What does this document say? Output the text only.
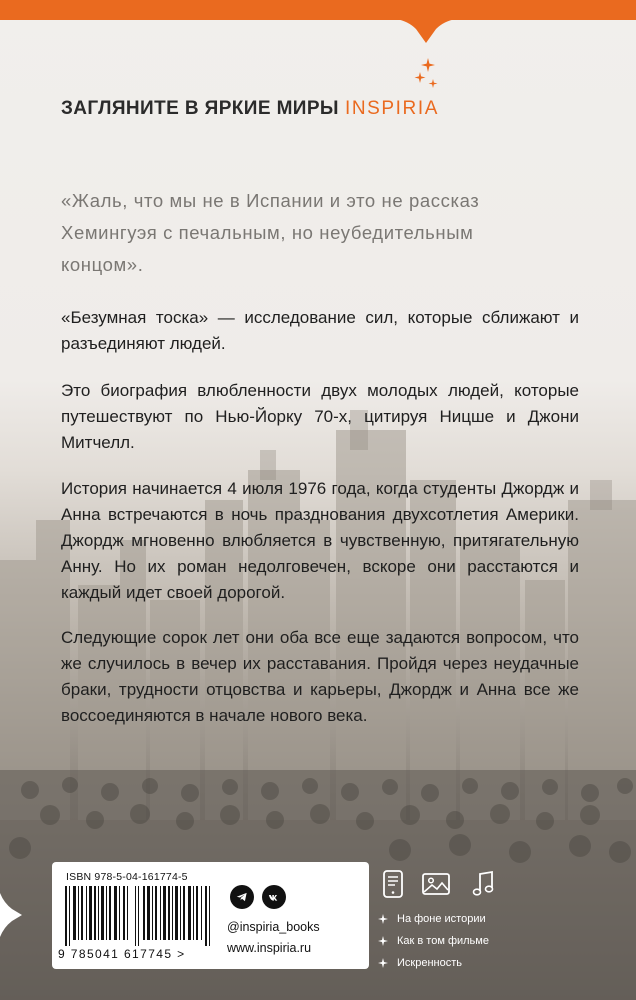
ЗАГЛЯНИТЕ В ЯРКИЕ МИРЫ INSPIRIA
«Жаль, что мы не в Испании и это не рассказ Хемингуэя с печальным, но неубедительным концом».
«Безумная тоска» — исследование сил, которые сближают и разъединяют людей.
Это биография влюбленности двух молодых людей, которые путешествуют по Нью-Йорку 70-х, цитируя Ницше и Джони Митчелл.
История начинается 4 июля 1976 года, когда студенты Джордж и Анна встречаются в ночь празднования двухсотлетия Америки. Джордж мгновенно влюбляется в чувственную, притягательную Анну. Но их роман недолговечен, вскоре они расстаются и каждый идет своей дорогой.
Следующие сорок лет они оба все еще задаются вопросом, что же случилось в вечер их расставания. Пройдя через неудачные браки, трудности отцовства и карьеры, Джордж и Анна все же воссоединяются в начале нового века.
ISBN 978-5-04-161774-5
9 785041 617745 >
@inspiria_books
www.inspiria.ru
На фоне истории
Как в том фильме
Искренность
